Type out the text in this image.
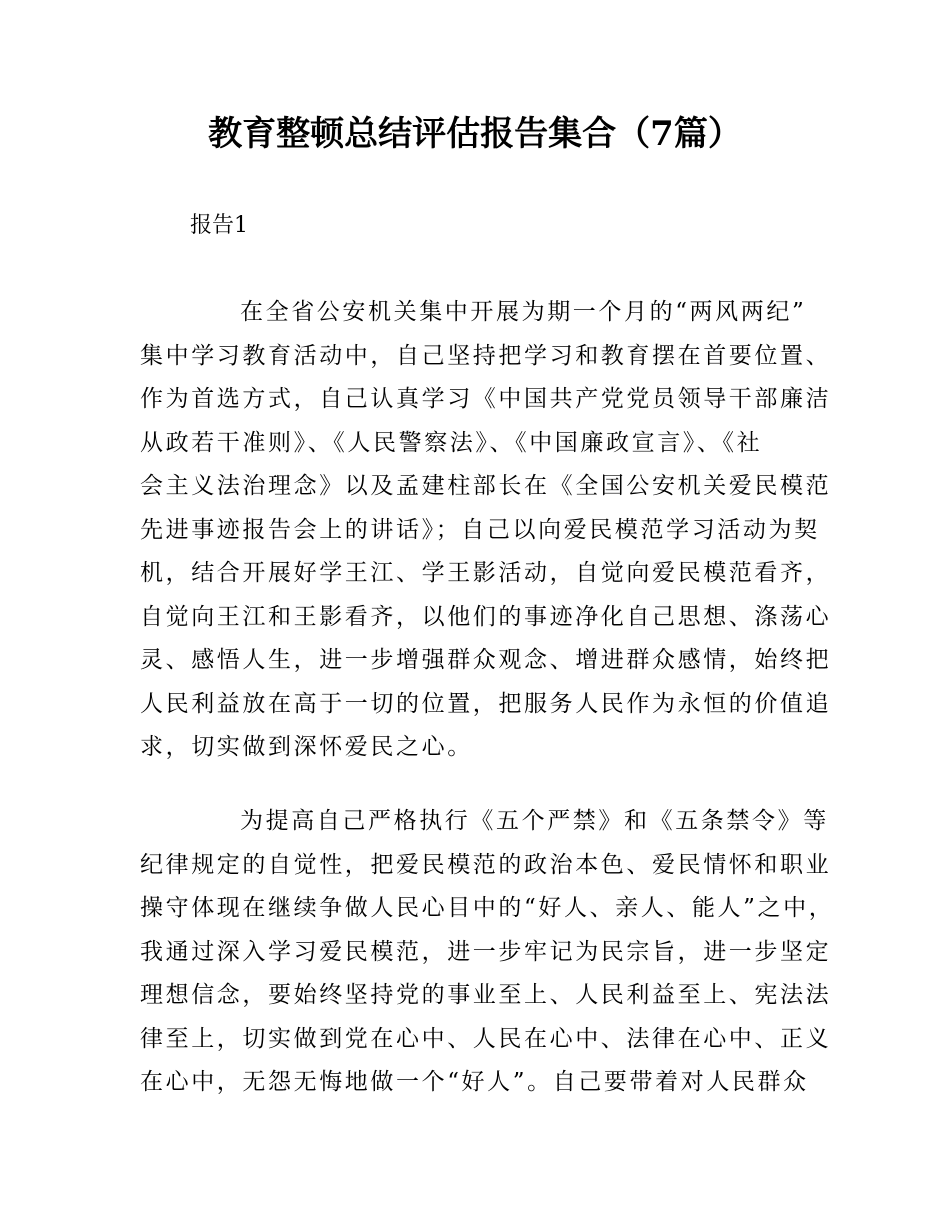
教育整顿总结评估报告集合（7篇）
报告1
在全省公安机关集中开展为期一个月的“两风两纪”
集中学习教育活动中，自己坚持把学习和教育摆在首要位置、
作为首选方式，自己认真学习《中国共产党党员领导干部廉洁
从政若干准则》、《人民警察法》、《中国廉政宣言》、《社
会主义法治理念》以及孟建柱部长在《全国公安机关爱民模范
先进事迹报告会上的讲话》；自己以向爱民模范学习活动为契
机，结合开展好学王江、学王影活动，自觉向爱民模范看齐，
自觉向王江和王影看齐，以他们的事迹净化自己思想、涤荡心
灵、感悟人生，进一步增强群众观念、增进群众感情，始终把
人民利益放在高于一切的位置，把服务人民作为永恒的价值追
求，切实做到深怀爱民之心。
为提高自己严格执行《五个严禁》和《五条禁令》等
纪律规定的自觉性，把爱民模范的政治本色、爱民情怀和职业
操守体现在继续争做人民心目中的“好人、亲人、能人”之中，
我通过深入学习爱民模范，进一步牢记为民宗旨，进一步坚定
理想信念，要始终坚持党的事业至上、人民利益至上、宪法法
律至上，切实做到党在心中、人民在心中、法律在心中、正义
在心中，无怨无悔地做一个“好人”。自己要带着对人民群众
